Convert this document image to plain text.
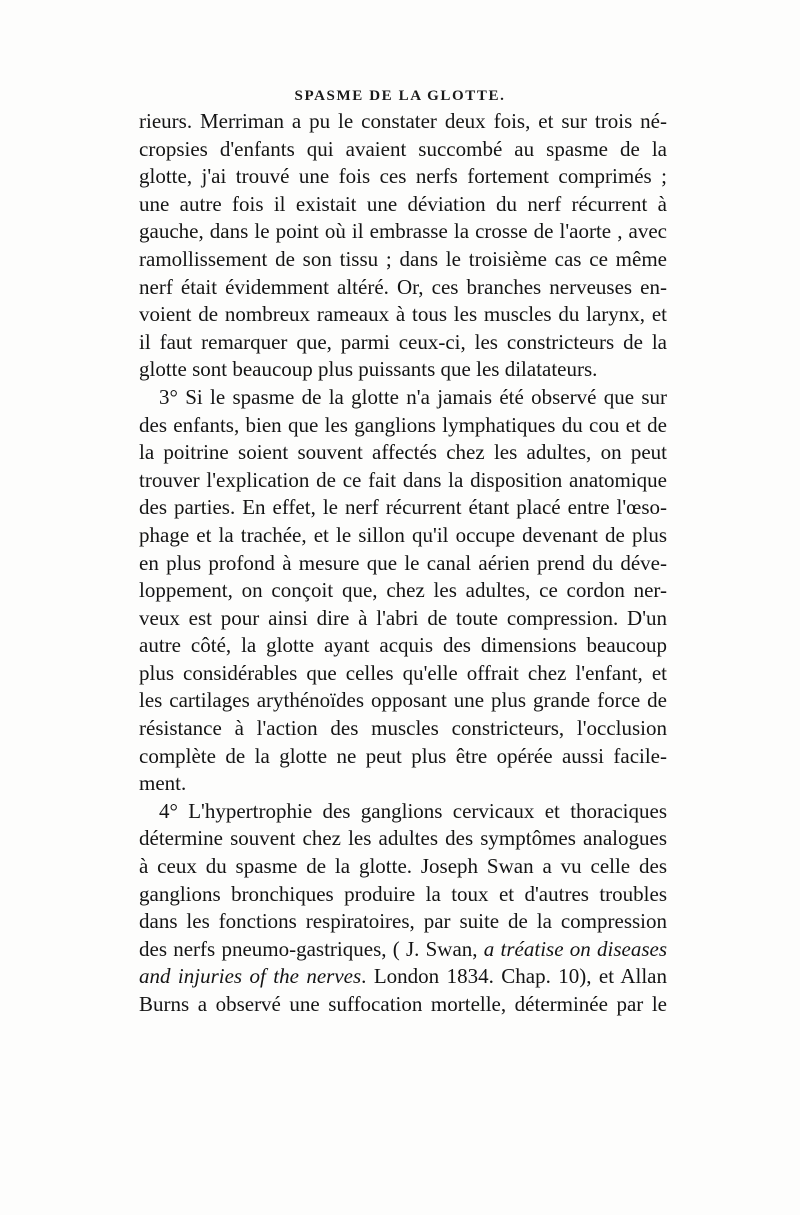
SPASME DE LA GLOTTE.
rieurs. Merriman a pu le constater deux fois, et sur trois né-
cropsies d'enfants qui avaient succombé au spasme de la
glotte, j'ai trouvé une fois ces nerfs fortement comprimés ;
une autre fois il existait une déviation du nerf récurrent à
gauche, dans le point où il embrasse la crosse de l'aorte , avec
ramollissement de son tissu ; dans le troisième cas ce même
nerf était évidemment altéré. Or, ces branches nerveuses en-
voient de nombreux rameaux à tous les muscles du larynx, et
il faut remarquer que, parmi ceux-ci, les constricteurs de la
glotte sont beaucoup plus puissants que les dilatateurs.
3° Si le spasme de la glotte n'a jamais été observé que sur
des enfants, bien que les ganglions lymphatiques du cou et de
la poitrine soient souvent affectés chez les adultes, on peut
trouver l'explication de ce fait dans la disposition anatomique
des parties. En effet, le nerf récurrent étant placé entre l'œso-
phage et la trachée, et le sillon qu'il occupe devenant de plus
en plus profond à mesure que le canal aérien prend du déve-
loppement, on conçoit que, chez les adultes, ce cordon ner-
veux est pour ainsi dire à l'abri de toute compression. D'un
autre côté, la glotte ayant acquis des dimensions beaucoup
plus considérables que celles qu'elle offrait chez l'enfant, et
les cartilages arythénoïdes opposant une plus grande force de
résistance à l'action des muscles constricteurs, l'occlusion
complète de la glotte ne peut plus être opérée aussi facile-
ment.
4° L'hypertrophie des ganglions cervicaux et thoraciques
détermine souvent chez les adultes des symptômes analogues
à ceux du spasme de la glotte. Joseph Swan a vu celle des
ganglions bronchiques produire la toux et d'autres troubles
dans les fonctions respiratoires, par suite de la compression
des nerfs pneumo-gastriques, ( J. Swan, a tréatise on diseases
and injuries of the nerves. London 1834. Chap. 10), et Allan
Burns a observé une suffocation mortelle, déterminée par le
